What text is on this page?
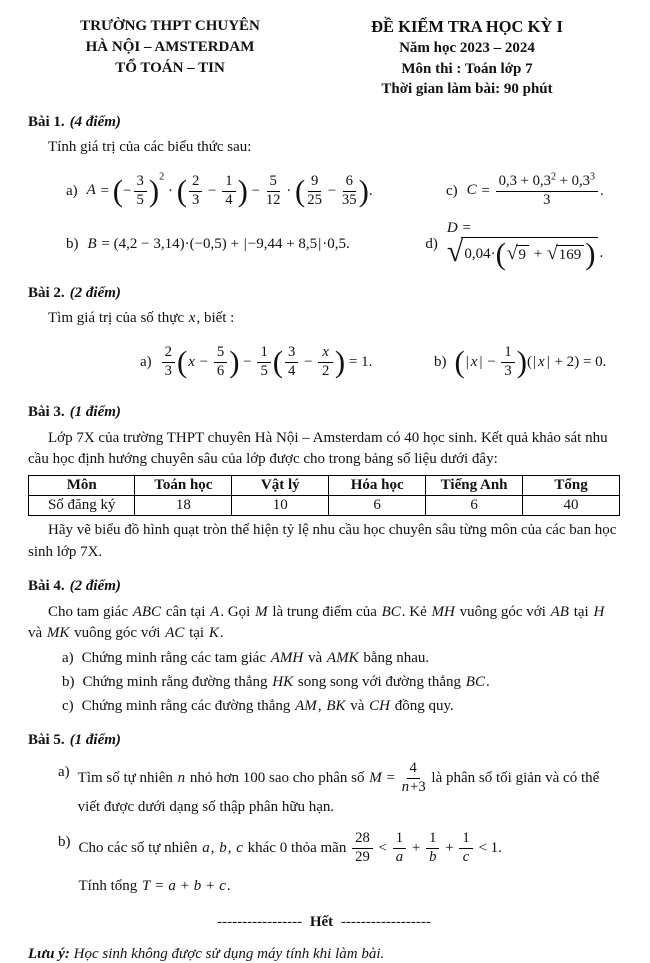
TRƯỜNG THPT CHUYÊN
HÀ NỘI – AMSTERDAM
TỔ TOÁN – TIN
ĐỀ KIỂM TRA HỌC KỲ I
Năm học 2023 – 2024
Môn thi : Toán lớp 7
Thời gian làm bài: 90 phút
Bài 1. (4 điểm)

Tính giá trị của các biểu thức sau:

a) A = ( − $\frac{3}{5}$ ) $^2$ · ( $\frac{2}{3} - \frac{1}{4}$ ) − $\frac{5}{12}$ · ( $\frac{9}{25} - \frac{6}{35}$ ) .	c) $C = \frac{0,3 + 0,3^2 + 0,3^3}{3}$ .
b) B = (4,2 − 3,14)·(−0,5) + |−9,44 + 8,5|·0,5.	d)
D =
√ 0,04· ( √ 9 + √ 169 ) .
Bài 2. (2 điểm)

Tìm giá trị của số thực x, biết :

$a) \frac{2}{3}$ ( $x - \frac{5}{6}$ ) − $\frac{1}{5}$ ( $\frac{3}{4} - \frac{x}{2}$ ) = 1.	b) ( | x | − $\frac{1}{3}$ ) (| x | + 2) = 0.
Bài 3. (1 điểm)

Lớp 7X của trường THPT chuyên Hà Nội – Amsterdam có 40 học sinh. Kết quả khảo sát nhu cầu học định hướng chuyên sâu của lớp được cho trong bảng số liệu dưới đây:

Môn	Toán học	Vật lý	Hóa học	Tiếng Anh	Tổng
Số đăng ký	18	10	6	6	40

Hãy vẽ biểu đồ hình quạt tròn thể hiện tỷ lệ nhu cầu học chuyên sâu từng môn của các ban học sinh lớp 7X.

Bài 4. (2 điểm)

Cho tam giác ABC cân tại A. Gọi M là trung điểm của BC. Kẻ MH vuông góc với AB tại H và MK vuông góc với AC tại K.

a) Chứng minh rằng các tam giác AMH và AMK bằng nhau.
b) Chứng minh rằng đường thẳng HK song song với đường thẳng BC.
c) Chứng minh rằng các đường thẳng AM, BK và CH đồng quy.
Bài 5. (1 điểm)
a) Tìm số tự nhiên n nhỏ hơn 100 sao cho phân số $M = \frac{4}{n+3}$ là phân số tối giản và có thể viết được dưới dạng số thập phân hữu hạn.
b) Cho các số tự nhiên a, b, c khác 0 thỏa mãn $\frac{28}{29} < \frac{1}{a} + \frac{1}{b} + \frac{1}{c} < 1$.
Tính tổng T = a + b + c.
----------------- Hết ------------------

Lưu ý: Học sinh không được sử dụng máy tính khi làm bài.
